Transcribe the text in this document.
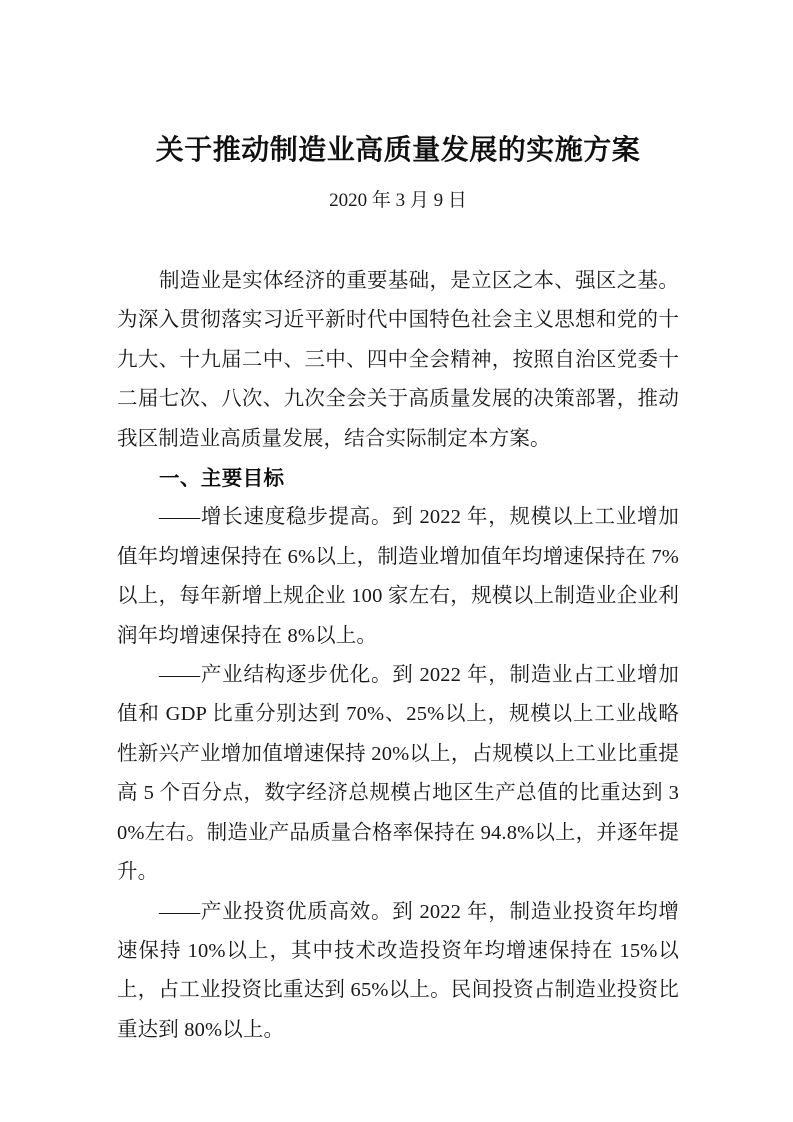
关于推动制造业高质量发展的实施方案
2020 年 3 月 9 日

制造业是实体经济的重要基础，是立区之本、强区之基。为深入贯彻落实习近平新时代中国特色社会主义思想和党的十九大、十九届二中、三中、四中全会精神，按照自治区党委十二届七次、八次、九次全会关于高质量发展的决策部署，推动我区制造业高质量发展，结合实际制定本方案。

一、主要目标

——增长速度稳步提高。到 2022 年，规模以上工业增加值年均增速保持在 6%以上，制造业增加值年均增速保持在 7%以上，每年新增上规企业 100 家左右，规模以上制造业企业利润年均增速保持在 8%以上。

——产业结构逐步优化。到 2022 年，制造业占工业增加值和 GDP 比重分别达到 70%、25%以上，规模以上工业战略性新兴产业增加值增速保持 20%以上，占规模以上工业比重提高 5 个百分点，数字经济总规模占地区生产总值的比重达到 30%左右。制造业产品质量合格率保持在 94.8%以上，并逐年提升。

——产业投资优质高效。到 2022 年，制造业投资年均增速保持 10%以上，其中技术改造投资年均增速保持在 15%以上，占工业投资比重达到 65%以上。民间投资占制造业投资比重达到 80%以上。
